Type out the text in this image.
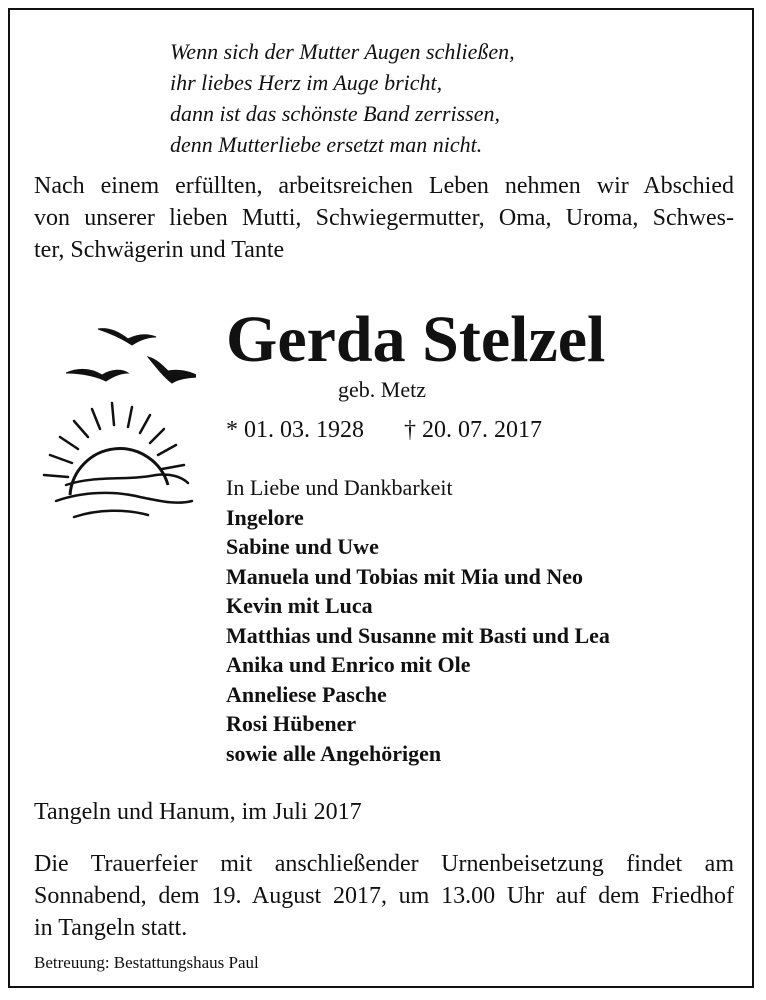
Wenn sich der Mutter Augen schließen,
ihr liebes Herz im Auge bricht,
dann ist das schönste Band zerrissen,
denn Mutterliebe ersetzt man nicht.
Nach einem erfüllten, arbeitsreichen Leben nehmen wir Abschied
von unserer lieben Mutti, Schwiegermutter, Oma, Uroma, Schwes-
ter, Schwägerin und Tante
Gerda Stelzel
geb. Metz
* 01. 03. 1928 † 20. 07. 2017
In Liebe und Dankbarkeit
Ingelore
Sabine und Uwe
Manuela und Tobias mit Mia und Neo
Kevin mit Luca
Matthias und Susanne mit Basti und Lea
Anika und Enrico mit Ole
Anneliese Pasche
Rosi Hübener
sowie alle Angehörigen
Tangeln und Hanum, im Juli 2017
Die Trauerfeier mit anschließender Urnenbeisetzung findet am
Sonnabend, dem 19. August 2017, um 13.00 Uhr auf dem Friedhof
in Tangeln statt.
Betreuung: Bestattungshaus Paul
